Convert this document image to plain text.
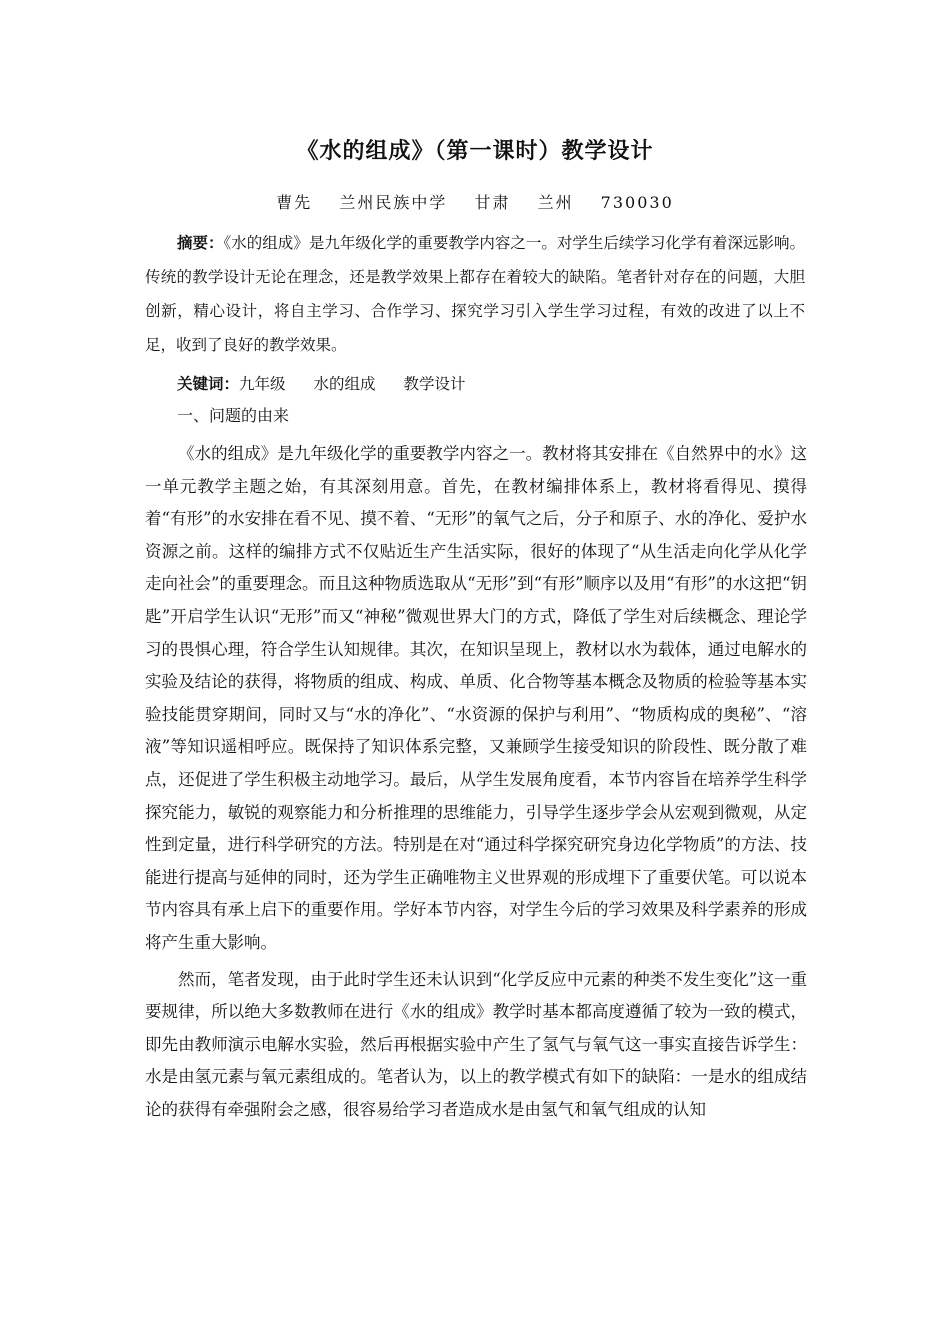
《水的组成》（第一课时）教学设计
曹先 兰州民族中学 甘肃 兰州 730030

摘要：《水的组成》是九年级化学的重要教学内容之一。对学生后续学习化学有着深远影响。传统的教学设计无论在理念，还是教学效果上都存在着较大的缺陷。笔者针对存在的问题，大胆创新，精心设计，将自主学习、合作学习、探究学习引入学生学习过程，有效的改进了以上不足，收到了良好的教学效果。

关键词：九年级 水的组成 教学设计
一、问题的由来

《水的组成》是九年级化学的重要教学内容之一。教材将其安排在《自然界中的水》这一单元教学主题之始，有其深刻用意。首先，在教材编排体系上，教材将看得见、摸得着“有形”的水安排在看不见、摸不着、“无形”的氧气之后，分子和原子、水的净化、爱护水资源之前。这样的编排方式不仅贴近生产生活实际，很好的体现了“从生活走向化学从化学走向社会”的重要理念。而且这种物质选取从“无形”到“有形”顺序以及用“有形”的水这把“钥匙”开启学生认识“无形”而又“神秘”微观世界大门的方式，降低了学生对后续概念、理论学习的畏惧心理，符合学生认知规律。其次，在知识呈现上，教材以水为载体，通过电解水的实验及结论的获得，将物质的组成、构成、单质、化合物等基本概念及物质的检验等基本实验技能贯穿期间，同时又与“水的净化”、“水资源的保护与利用”、“物质构成的奥秘”、“溶液”等知识遥相呼应。既保持了知识体系完整，又兼顾学生接受知识的阶段性、既分散了难点，还促进了学生积极主动地学习。最后，从学生发展角度看，本节内容旨在培养学生科学探究能力，敏锐的观察能力和分析推理的思维能力，引导学生逐步学会从宏观到微观，从定性到定量，进行科学研究的方法。特别是在对“通过科学探究研究身边化学物质”的方法、技能进行提高与延伸的同时，还为学生正确唯物主义世界观的形成埋下了重要伏笔。可以说本节内容具有承上启下的重要作用。学好本节内容，对学生今后的学习效果及科学素养的形成将产生重大影响。

然而，笔者发现，由于此时学生还未认识到“化学反应中元素的种类不发生变化”这一重要规律，所以绝大多数教师在进行《水的组成》教学时基本都高度遵循了较为一致的模式，即先由教师演示电解水实验，然后再根据实验中产生了氢气与氧气这一事实直接告诉学生：水是由氢元素与氧元素组成的。笔者认为，以上的教学模式有如下的缺陷：一是水的组成结论的获得有牵强附会之感，很容易给学习者造成水是由氢气和氧气组成的认知
